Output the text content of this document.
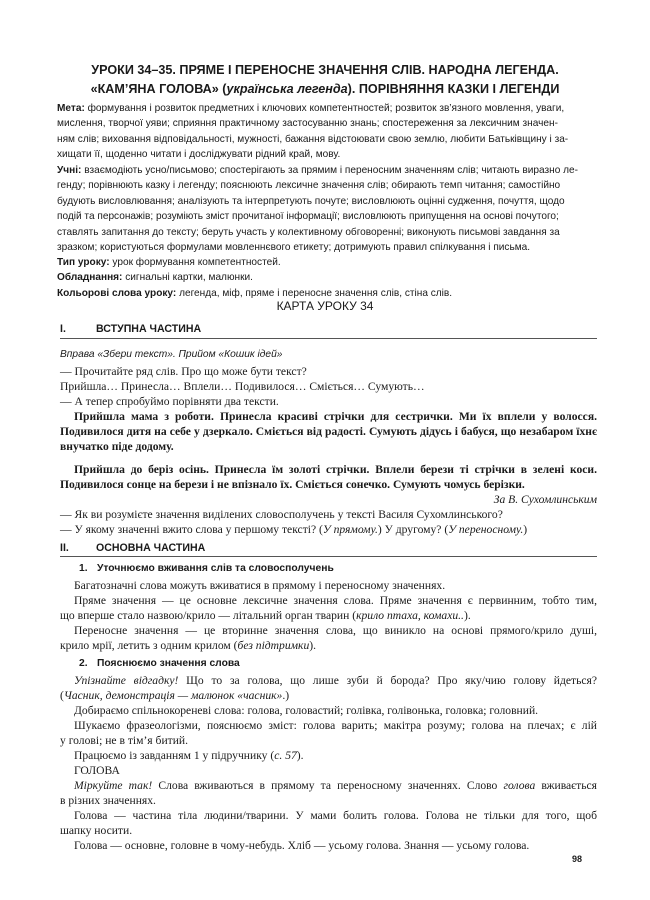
УРОКИ 34–35. ПРЯМЕ І ПЕРЕНОСНЕ ЗНАЧЕННЯ СЛІВ. НАРОДНА ЛЕГЕНДА.
«КАМ’ЯНА ГОЛОВА» (українська легенда). ПОРІВНЯННЯ КАЗКИ І ЛЕГЕНДИ
Мета: формування і розвиток предметних і ключових компетентностей; розвиток зв’язного мовлення, уваги,
мислення, творчої уяви; сприяння практичному застосуванню знань; спостереження за лексичним значен-
ням слів; виховання відповідальності, мужності, бажання відстоювати свою землю, любити Батьківщину і за-
хищати її, щоденно читати і досліджувати рідний край, мову.
Учні: взаємодіють усно/письмово; спостерігають за прямим і переносним значенням слів; читають виразно ле-
генду; порівнюють казку і легенду; пояснюють лексичне значення слів; обирають темп читання; самостійно
будують висловлювання; аналізують та інтерпретують почуте; висловлюють оцінні судження, почуття, щодо
подій та персонажів; розуміють зміст прочитаної інформації; висловлюють припущення на основі почутого;
ставлять запитання до тексту; беруть участь у колективному обговоренні; виконують письмові завдання за
зразком; користуються формулами мовленнєвого етикету; дотримують правил спілкування і письма.
Тип уроку: урок формування компетентностей.
Обладнання: сигнальні картки, малюнки.
Кольорові слова уроку: легенда, міф, пряме і переносне значення слів, стіна слів.
КАРТА УРОКУ 34
І.	ВСТУПНА ЧАСТИНА
Вправа «Збери текст». Прийом «Кошик ідей»
— Прочитайте ряд слів. Про що може бути текст?
Прийшла… Принесла… Вплели… Подивилося… Сміється… Сумують…
— А тепер спробуймо порівняти два тексти.
Прийшла мама з роботи. Принесла красиві стрічки для сестрички. Ми їх вплели у волосся.
Подивилося дитя на себе у дзеркало. Сміється від радості. Сумують дідусь і бабуся, що незабаром їхнє
внучатко піде додому.
Прийшла до беріз осінь. Принесла їм золоті стрічки. Вплели берези ті стрічки в зелені коси.
Подивилося сонце на берези і не впізнало їх. Сміється сонечко. Сумують чомусь берізки.
За В. Сухомлинським
— Як ви розумієте значення виділених словосполучень у тексті Василя Сухомлинського?
— У якому значенні вжито слова у першому тексті? (У прямому.) У другому? (У переносному.)
ІІ.	ОСНОВНА ЧАСТИНА
1. Уточнюємо вживання слів та словосполучень
Багатозначні слова можуть вживатися в прямому і переносному значеннях.
Пряме значення — це основне лексичне значення слова. Пряме значення є первинним, тобто тим,
що вперше стало назвою/крило — літальний орган тварин (крило птаха, комахи..).
Переносне значення — це вторинне значення слова, що виникло на основі прямого/крило душі,
крило мрії, летить з одним крилом (без підтримки).
2. Пояснюємо значення слова
Упізнайте відгадку! Що то за голова, що лише зуби й борода? Про яку/чию голову йдеться?
(Часник, демонстрація — малюнок «часник».)
Добираємо спільнокореневі слова: голова, головастий; голівка, голівонька, головка; головний.
Шукаємо фразеологізми, пояснюємо зміст: голова варить; макітра розуму; голова на плечах; є лій
у голові; не в тім’я битий.
Працюємо із завданням 1 у підручнику (с. 57).
ГОЛОВА
Міркуйте так! Слова вживаються в прямому та переносному значеннях. Слово голова вживається
в різних значеннях.
Голова — частина тіла людини/тварини. У мами болить голова. Голова не тільки для того, щоб
шапку носити.
Голова — основне, головне в чому-небудь. Хліб — усьому голова. Знання — усьому голова.
98
